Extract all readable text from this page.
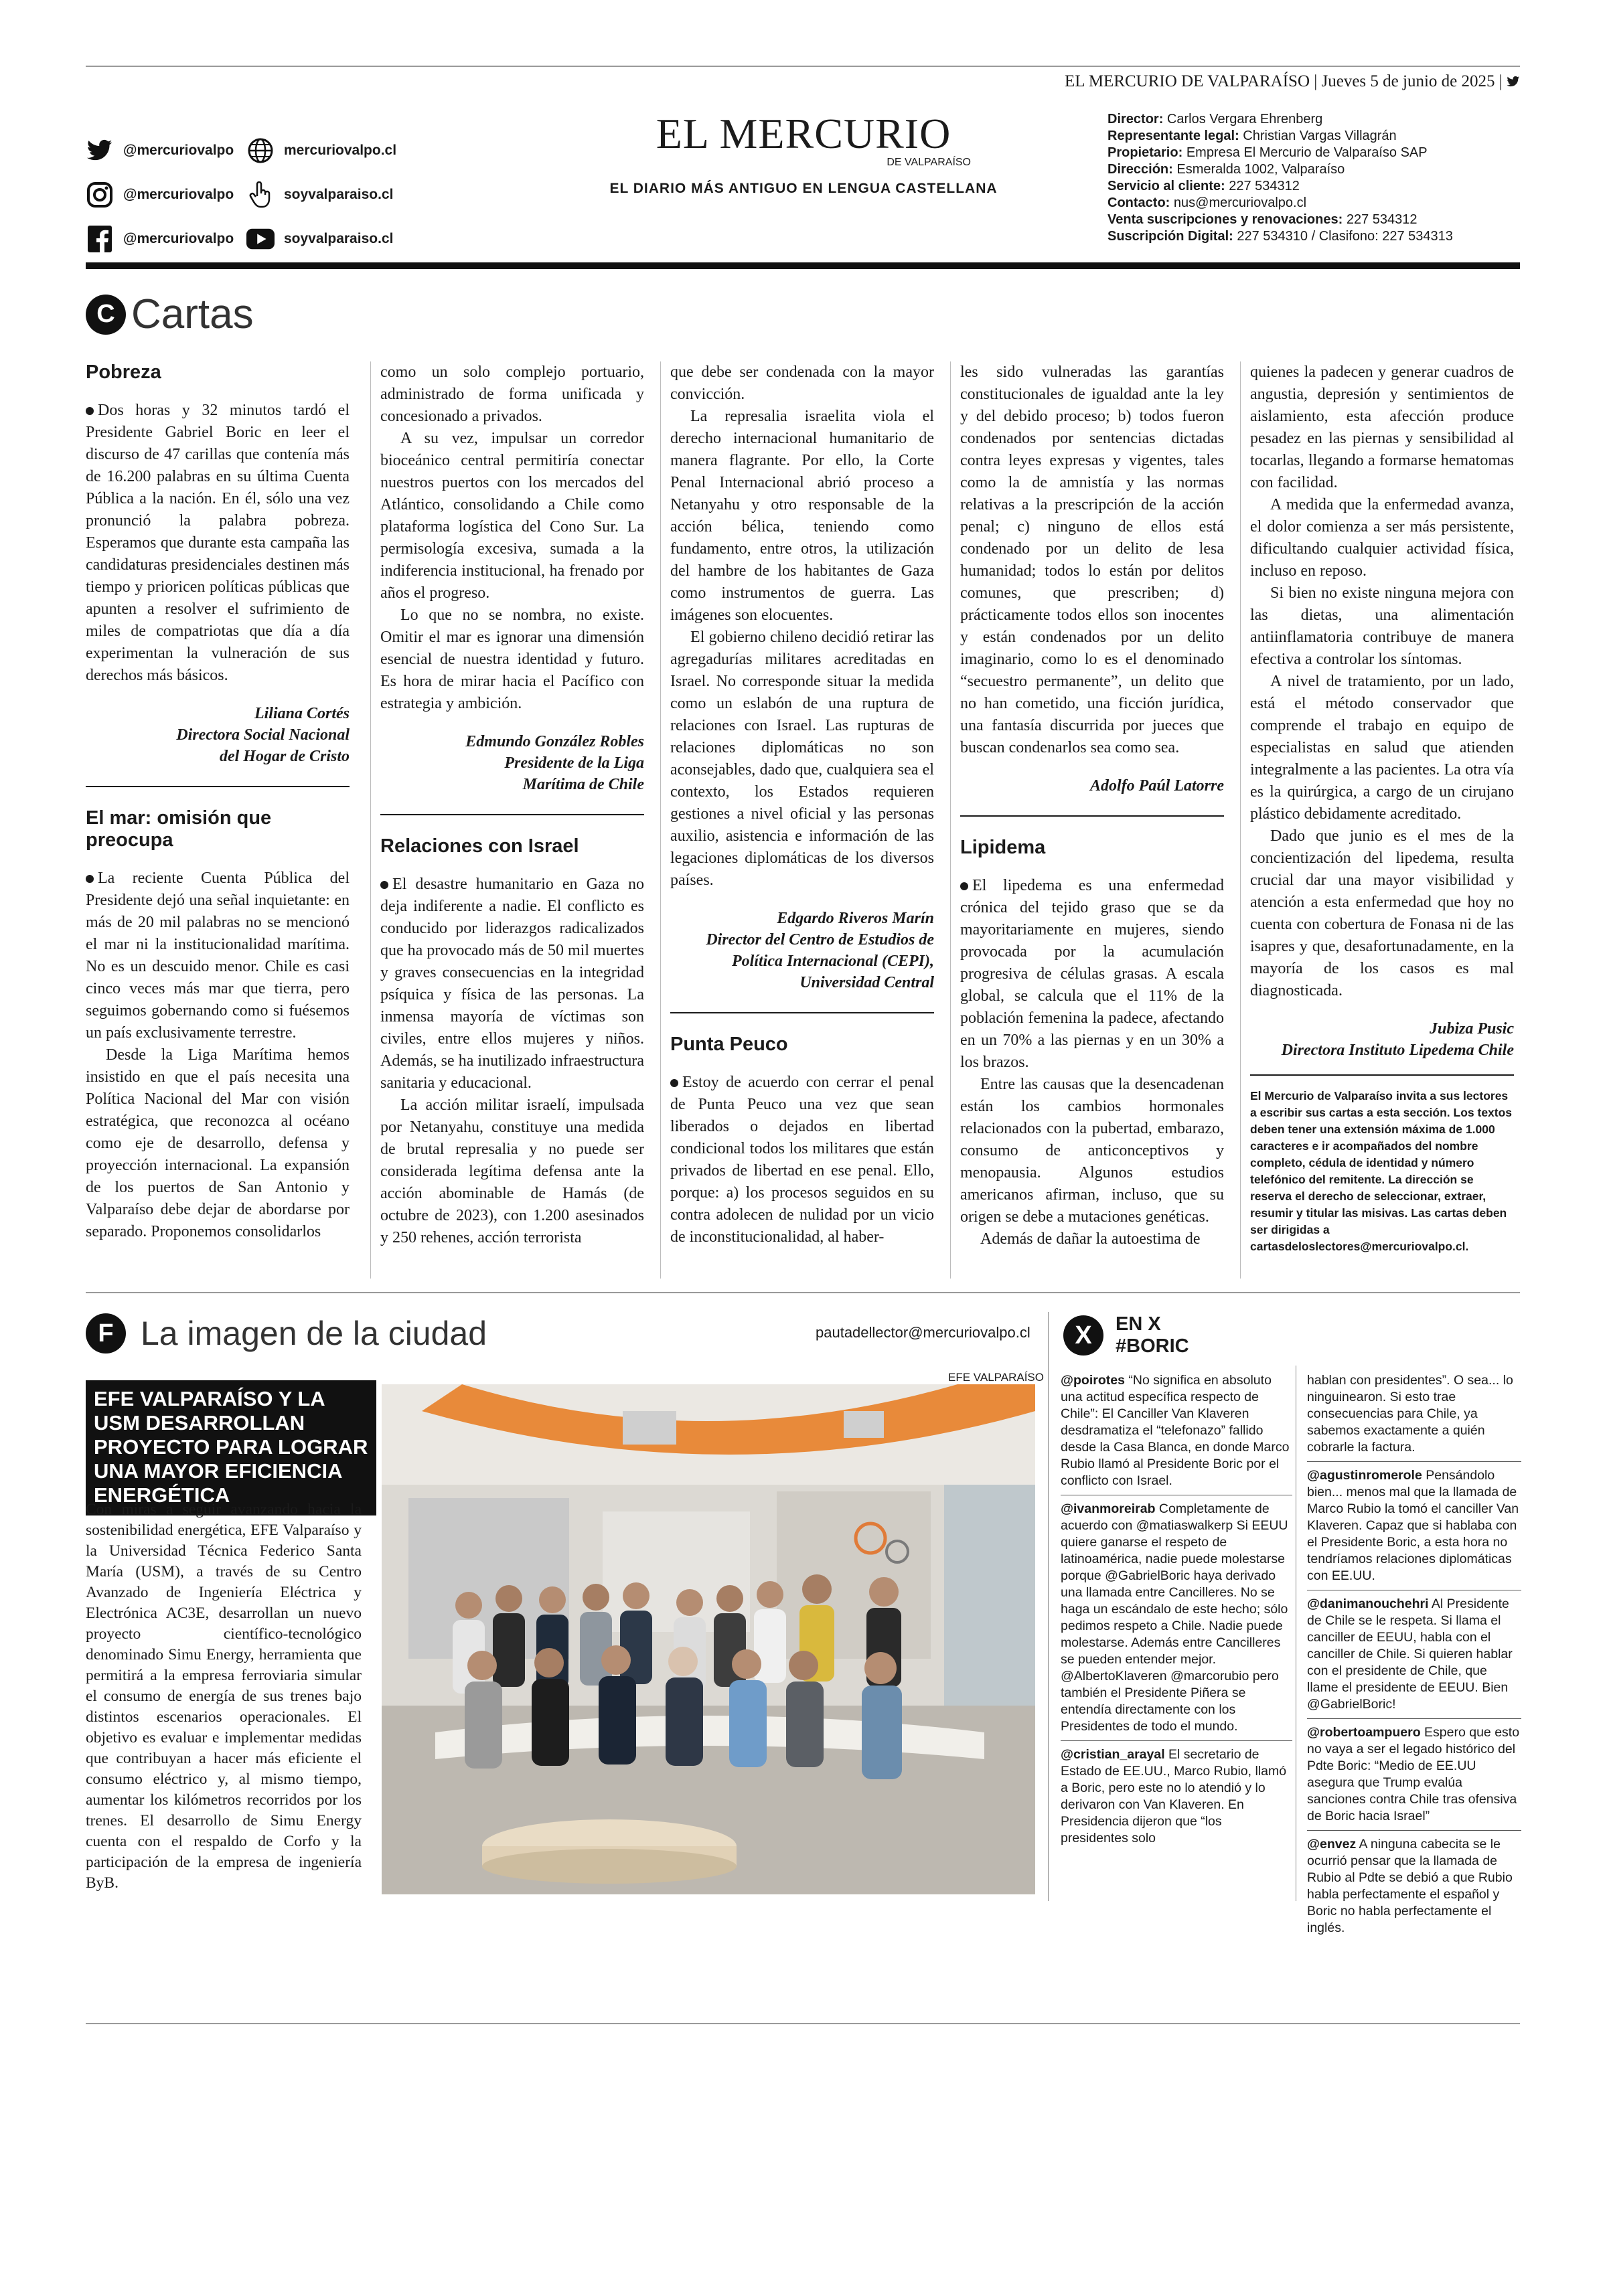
EL MERCURIO DE VALPARAÍSO | Jueves 5 de junio de 2025 |
@mercuriovalpo	mercuriovalpo.cl
@mercuriovalpo	soyvalparaiso.cl
@mercuriovalpo	soyvalparaiso.cl
EL MERCURIO
DE VALPARAÍSO
EL DIARIO MÁS ANTIGUO EN LENGUA CASTELLANA
Director: Carlos Vergara Ehrenberg
Representante legal: Christian Vargas Villagrán
Propietario: Empresa El Mercurio de Valparaíso SAP
Dirección: Esmeralda 1002, Valparaíso
Servicio al cliente: 227 534312
Contacto: nus@mercuriovalpo.cl
Venta suscripciones y renovaciones: 227 534312
Suscripción Digital: 227 534310 / Clasifono: 227 534313
C Cartas
Pobreza

Dos horas y 32 minutos tardó el Presidente Gabriel Boric en leer el discurso de 47 carillas que contenía más de 16.200 palabras en su última Cuenta Pública a la nación. En él, sólo una vez pronunció la palabra pobreza. Esperamos que durante esta campaña las candidaturas presidenciales destinen más tiempo y prioricen políticas públicas que apunten a resolver el sufrimiento de miles de compatriotas que día a día experimentan la vulneración de sus derechos más básicos.

Liliana Cortés
Directora Social Nacional
del Hogar de Cristo
El mar: omisión que preocupa

La reciente Cuenta Pública del Presidente dejó una señal inquietante: en más de 20 mil palabras no se mencionó el mar ni la institucionalidad marítima. No es un descuido menor. Chile es casi cinco veces más mar que tierra, pero seguimos gobernando como si fuésemos un país exclusivamente terrestre.

Desde la Liga Marítima hemos insistido en que el país necesita una Política Nacional del Mar con visión estratégica, que reconozca al océano como eje de desarrollo, defensa y proyección internacional. La expansión de los puertos de San Antonio y Valparaíso debe dejar de abordarse por separado. Proponemos consolidarlos

como un solo complejo portuario, administrado de forma unificada y concesionado a privados.

A su vez, impulsar un corredor bioceánico central permitiría conectar nuestros puertos con los mercados del Atlántico, consolidando a Chile como plataforma logística del Cono Sur. La permisología excesiva, sumada a la indiferencia institucional, ha frenado por años el progreso.

Lo que no se nombra, no existe. Omitir el mar es ignorar una dimensión esencial de nuestra identidad y futuro. Es hora de mirar hacia el Pacífico con estrategia y ambición.

Edmundo González Robles
Presidente de la Liga
Marítima de Chile
Relaciones con Israel

El desastre humanitario en Gaza no deja indiferente a nadie. El conflicto es conducido por liderazgos radicalizados que ha provocado más de 50 mil muertes y graves consecuencias en la integridad psíquica y física de las personas. La inmensa mayoría de víctimas son civiles, entre ellos mujeres y niños. Además, se ha inutilizado infraestructura sanitaria y educacional.

La acción militar israelí, impulsada por Netanyahu, constituye una medida de brutal represalia y no puede ser considerada legítima defensa ante la acción abominable de Hamás (de octubre de 2023), con 1.200 asesinados y 250 rehenes, acción terrorista

que debe ser condenada con la mayor convicción.

La represalia israelita viola el derecho internacional humanitario de manera flagrante. Por ello, la Corte Penal Internacional abrió proceso a Netanyahu y otro responsable de la acción bélica, teniendo como fundamento, entre otros, la utilización del hambre de los habitantes de Gaza como instrumentos de guerra. Las imágenes son elocuentes.

El gobierno chileno decidió retirar las agregadurías militares acreditadas en Israel. No corresponde situar la medida como un eslabón de una ruptura de relaciones con Israel. Las rupturas de relaciones diplomáticas no son aconsejables, dado que, cualquiera sea el contexto, los Estados requieren gestiones a nivel oficial y las personas auxilio, asistencia e información de las legaciones diplomáticas de los diversos países.

Edgardo Riveros Marín
Director del Centro de Estudios de
Política Internacional (CEPI),
Universidad Central
Punta Peuco

Estoy de acuerdo con cerrar el penal de Punta Peuco una vez que sean liberados o dejados en libertad condicional todos los militares que están privados de libertad en ese penal. Ello, porque: a) los procesos seguidos en su contra adolecen de nulidad por un vicio de inconstitucionalidad, al haber-

les sido vulneradas las garantías constitucionales de igualdad ante la ley y del debido proceso; b) todos fueron condenados por sentencias dictadas contra leyes expresas y vigentes, tales como la de amnistía y las normas relativas a la prescripción de la acción penal; c) ninguno de ellos está condenado por un delito de lesa humanidad; todos lo están por delitos comunes, que prescriben; d) prácticamente todos ellos son inocentes y están condenados por un delito imaginario, como lo es el denominado “secuestro permanente”, un delito que no han cometido, una ficción jurídica, una fantasía discurrida por jueces que buscan condenarlos sea como sea.

Adolfo Paúl Latorre
Lipidema

El lipedema es una enfermedad crónica del tejido graso que se da mayoritariamente en mujeres, siendo provocada por la acumulación progresiva de células grasas. A escala global, se calcula que el 11% de la población femenina la padece, afectando en un 70% a las piernas y en un 30% a los brazos.

Entre las causas que la desencadenan están los cambios hormonales relacionados con la pubertad, embarazo, consumo de anticonceptivos y menopausia. Algunos estudios americanos afirman, incluso, que su origen se debe a mutaciones genéticas.

Además de dañar la autoestima de

quienes la padecen y generar cuadros de angustia, depresión y sentimientos de aislamiento, esta afección produce pesadez en las piernas y sensibilidad al tocarlas, llegando a formarse hematomas con facilidad.

A medida que la enfermedad avanza, el dolor comienza a ser más persistente, dificultando cualquier actividad física, incluso en reposo.

Si bien no existe ninguna mejora con las dietas, una alimentación antiinflamatoria contribuye de manera efectiva a controlar los síntomas.

A nivel de tratamiento, por un lado, está el método conservador que comprende el trabajo en equipo de especialistas en salud que atienden integralmente a las pacientes. La otra vía es la quirúrgica, a cargo de un cirujano plástico debidamente acreditado.

Dado que junio es el mes de la concientización del lipedema, resulta crucial dar una mayor visibilidad y atención a esta enfermedad que hoy no cuenta con cobertura de Fonasa ni de las isapres y que, desafortunadamente, en la mayoría de los casos es mal diagnosticada.

Jubiza Pusic
Directora Instituto Lipedema Chile
El Mercurio de Valparaíso invita a sus lectores a escribir sus cartas a esta sección. Los textos deben tener una extensión máxima de 1.000 caracteres e ir acompañados del nombre completo, cédula de identidad y número telefónico del remitente. La dirección se reserva el derecho de seleccionar, extraer, resumir y titular las misivas. Las cartas deben ser dirigidas a cartasdeloslectores@mercuriovalpo.cl.
F La imagen de la ciudad	pautadellector@mercuriovalpo.cl
EFE VALPARAÍSO Y LA USM DESARROLLAN PROYECTO PARA LOGRAR UNA MAYOR EFICIENCIA ENERGÉTICA
Con miras a seguir avanzando hacia la sostenibilidad energética, EFE Valparaíso y la Universidad Técnica Federico Santa María (USM), a través de su Centro Avanzado de Ingeniería Eléctrica y Electrónica AC3E, desarrollan un nuevo proyecto científico-tecnológico denominado Simu Energy, herramienta que permitirá a la empresa ferroviaria simular el consumo de energía de sus trenes bajo distintos escenarios operacionales. El objetivo es evaluar e implementar medidas que contribuyan a hacer más eficiente el consumo eléctrico y, al mismo tiempo, aumentar los kilómetros recorridos por los trenes. El desarrollo de Simu Energy cuenta con el respaldo de Corfo y la participación de la empresa de ingeniería ByB.
EFE VALPARAÍSO
X	EN X
#BORIC
@poirotes “No significa en absoluto una actitud específica respecto de Chile”: El Canciller Van Klaveren desdramatiza el “telefonazo” fallido desde la Casa Blanca, en donde Marco Rubio llamó al Presidente Boric por el conflicto con Israel.
@ivanmoreirab Completamente de acuerdo con @matiaswalkerp Si EEUU quiere ganarse el respeto de latinoamérica, nadie puede molestarse porque @GabrielBoric haya derivado una llamada entre Cancilleres. No se haga un escándalo de este hecho; sólo pedimos respeto a Chile. Nadie puede molestarse. Además entre Cancilleres se pueden entender mejor. @AlbertoKlaveren @marcorubio pero también el Presidente Piñera se entendía directamente con los Presidentes de todo el mundo.
@cristian_arayal El secretario de Estado de EE.UU., Marco Rubio, llamó a Boric, pero este no lo atendió y lo derivaron con Van Klaveren. En Presidencia dijeron que “los presidentes solo
hablan con presidentes”. O sea... lo ninguinearon. Si esto trae consecuencias para Chile, ya sabemos exactamente a quién cobrarle la factura.
@agustinromerole Pensándolo bien... menos mal que la llamada de Marco Rubio la tomó el canciller Van Klaveren. Capaz que si hablaba con el Presidente Boric, a esta hora no tendríamos relaciones diplomáticas con EE.UU.
@danimanouchehri Al Presidente de Chile se le respeta. Si llama el canciller de EEUU, habla con el canciller de Chile. Si quieren hablar con el presidente de Chile, que llame el presidente de EEUU. Bien @GabrielBoric!
@robertoampuero Espero que esto no vaya a ser el legado histórico del Pdte Boric: “Medio de EE.UU asegura que Trump evalúa sanciones contra Chile tras ofensiva de Boric hacia Israel”
@envez A ninguna cabecita se le ocurrió pensar que la llamada de Rubio al Pdte se debió a que Rubio habla perfectamente el español y Boric no habla perfectamente el inglés.
